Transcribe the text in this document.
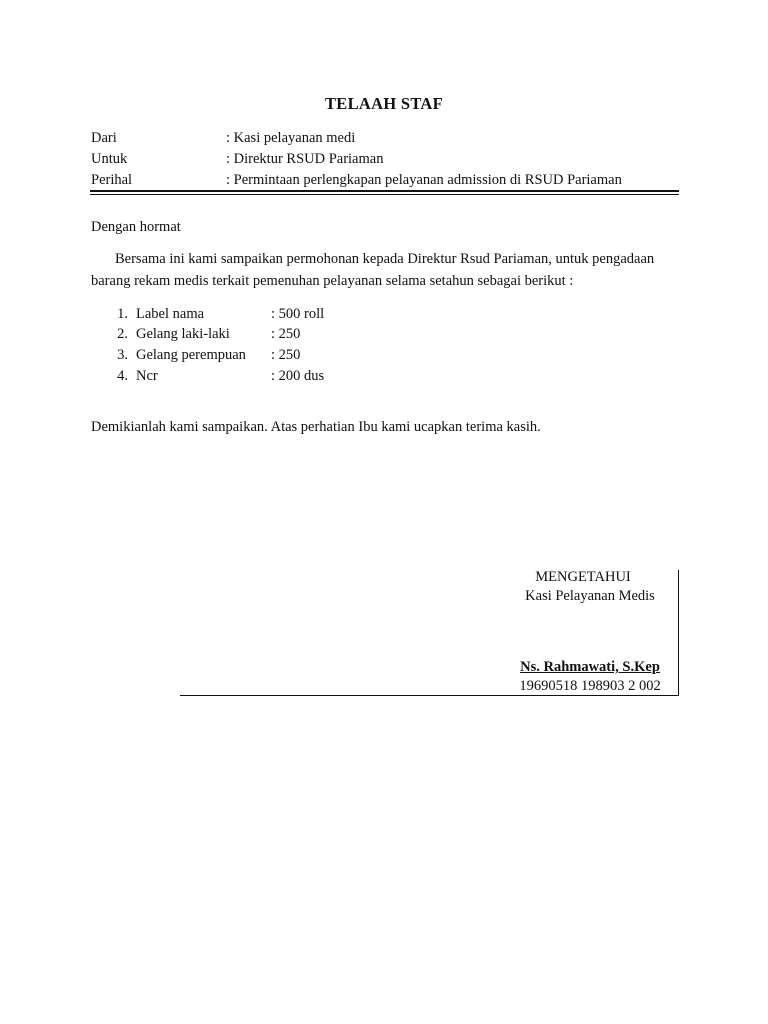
TELAAH STAF
Dari	: Kasi pelayanan medi
Untuk	: Direktur RSUD Pariaman
Perihal	: Permintaan perlengkapan pelayanan admission di RSUD Pariaman
Dengan hormat
Bersama ini kami sampaikan permohonan kepada Direktur Rsud Pariaman, untuk pengadaan
barang rekam medis terkait pemenuhan pelayanan selama setahun sebagai berikut :
1. Label nama	: 500 roll
2. Gelang laki-laki	: 250
3. Gelang perempuan : 250
4. Ncr	: 200 dus
Demikianlah kami sampaikan. Atas perhatian Ibu kami ucapkan terima kasih.
MENGETAHUI
Kasi Pelayanan Medis
Ns. Rahmawati, S.Kep
19690518 198903 2 002
